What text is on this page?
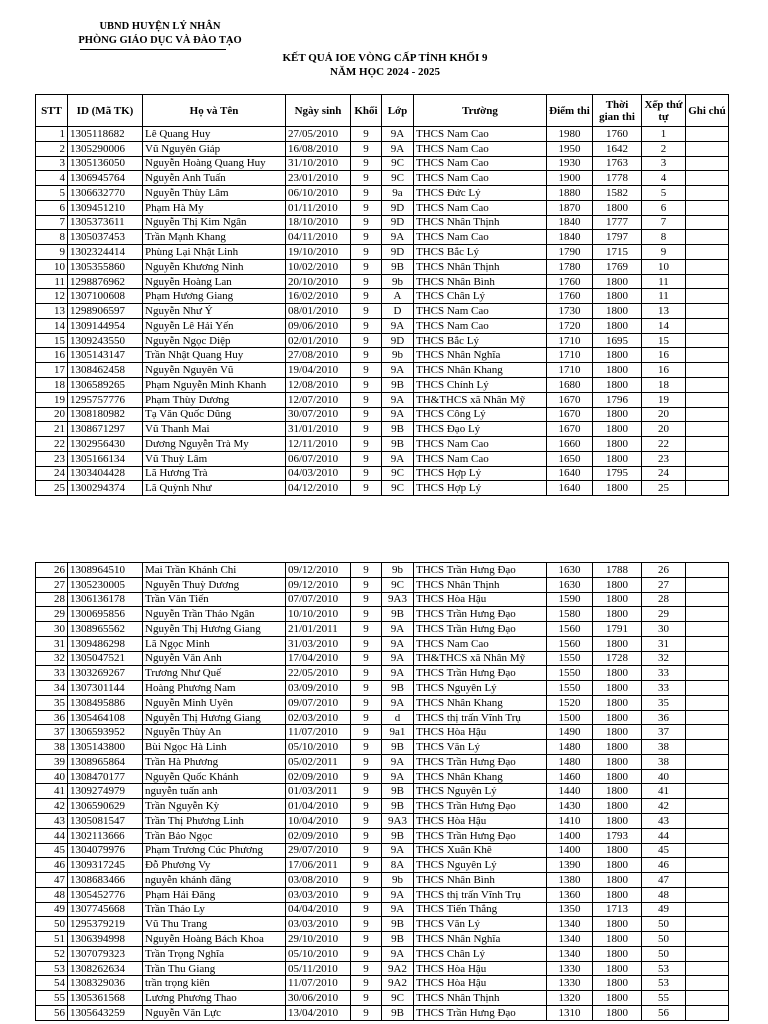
UBND HUYỆN LÝ NHÂN
PHÒNG GIÁO DỤC VÀ ĐÀO TẠO
KẾT QUẢ IOE VÒNG CẤP TỈNH KHỐI 9
NĂM HỌC 2024 - 2025
STT	ID (Mã TK)	Họ và Tên	Ngày sinh	Khối	Lớp	Trường	Điểm thi	Thời gian thi	Xếp thứ tự	Ghi chú
1	1305118682	Lê Quang Huy	27/05/2010	9	9A	THCS Nam Cao	1980	1760	1	
2	1305290006	Vũ Nguyên Giáp	16/08/2010	9	9A	THCS Nam Cao	1950	1642	2	
3	1305136050	Nguyễn Hoàng Quang Huy	31/10/2010	9	9C	THCS Nam Cao	1930	1763	3	
4	1306945764	Nguyễn Anh Tuấn	23/01/2010	9	9C	THCS Nam Cao	1900	1778	4	
5	1306632770	Nguyễn Thùy Lâm	06/10/2010	9	9a	THCS Đức Lý	1880	1582	5	
6	1309451210	Phạm Hà My	01/11/2010	9	9D	THCS Nam Cao	1870	1800	6	
7	1305373611	Nguyễn Thị Kim Ngân	18/10/2010	9	9D	THCS Nhân Thịnh	1840	1777	7	
8	1305037453	Trần Mạnh Khang	04/11/2010	9	9A	THCS Nam Cao	1840	1797	8	
9	1302324414	Phùng Lại Nhật Linh	19/10/2010	9	9D	THCS Bắc Lý	1790	1715	9	
10	1305355860	Nguyễn Khương Ninh	10/02/2010	9	9B	THCS Nhân Thịnh	1780	1769	10	
11	1298876962	Nguyễn Hoàng Lan	20/10/2010	9	9b	THCS Nhân Bình	1760	1800	11	
12	1307100608	Phạm Hương Giang	16/02/2010	9	A	THCS Chân Lý	1760	1800	11	
13	1298906597	Nguyễn Như Ý	08/01/2010	9	D	THCS Nam Cao	1730	1800	13	
14	1309144954	Nguyễn Lê Hải Yến	09/06/2010	9	9A	THCS Nam Cao	1720	1800	14	
15	1309243550	Nguyễn Ngọc Diệp	02/01/2010	9	9D	THCS Bắc Lý	1710	1695	15	
16	1305143147	Trần Nhật Quang Huy	27/08/2010	9	9b	THCS Nhân Nghĩa	1710	1800	16	
17	1308462458	Nguyễn Nguyên Vũ	19/04/2010	9	9A	THCS Nhân Khang	1710	1800	16	
18	1306589265	Phạm Nguyễn Minh Khanh	12/08/2010	9	9B	THCS Chính Lý	1680	1800	18	
19	1295757776	Phạm Thùy Dương	12/07/2010	9	9A	TH&THCS xã Nhân Mỹ	1670	1796	19	
20	1308180982	Tạ Văn Quốc Dũng	30/07/2010	9	9A	THCS Công Lý	1670	1800	20	
21	1308671297	Vũ Thanh Mai	31/01/2010	9	9B	THCS Đạo Lý	1670	1800	20	
22	1302956430	Dương Nguyễn Trà My	12/11/2010	9	9B	THCS Nam Cao	1660	1800	22	
23	1305166134	Vũ Thuỳ Lâm	06/07/2010	9	9A	THCS Nam Cao	1650	1800	23	
24	1303404428	Lã Hương Trà	04/03/2010	9	9C	THCS Hợp Lý	1640	1795	24	
25	1300294374	Lã Quỳnh Như	04/12/2010	9	9C	THCS Hợp Lý	1640	1800	25	
26	1308964510	Mai Trần Khánh Chi	09/12/2010	9	9b	THCS Trần Hưng Đạo	1630	1788	26	
27	1305230005	Nguyễn Thuỳ Dương	09/12/2010	9	9C	THCS Nhân Thịnh	1630	1800	27	
28	1306136178	Trần Văn Tiến	07/07/2010	9	9A3	THCS Hòa Hậu	1590	1800	28	
29	1300695856	Nguyễn Trần Thảo Ngân	10/10/2010	9	9B	THCS Trần Hưng Đạo	1580	1800	29	
30	1308965562	Nguyễn Thị Hương Giang	21/01/2011	9	9A	THCS Trần Hưng Đạo	1560	1791	30	
31	1309486298	Lã Ngọc Minh	31/03/2010	9	9A	THCS Nam Cao	1560	1800	31	
32	1305047521	Nguyễn Văn Anh	17/04/2010	9	9A	TH&THCS xã Nhân Mỹ	1550	1728	32	
33	1303269267	Trương Như Quế	22/05/2010	9	9A	THCS Trần Hưng Đạo	1550	1800	33	
34	1307301144	Hoàng Phương Nam	03/09/2010	9	9B	THCS Nguyên Lý	1550	1800	33	
35	1308495886	Nguyễn Minh Uyên	09/07/2010	9	9A	THCS Nhân Khang	1520	1800	35	
36	1305464108	Nguyễn Thị Hương Giang	02/03/2010	9	d	THCS thị trấn Vĩnh Trụ	1500	1800	36	
37	1306593952	Nguyễn Thùy An	11/07/2010	9	9a1	THCS Hòa Hậu	1490	1800	37	
38	1305143800	Bùi Ngọc Hà Linh	05/10/2010	9	9B	THCS Văn Lý	1480	1800	38	
39	1308965864	Trần Hà Phương	05/02/2011	9	9A	THCS Trần Hưng Đạo	1480	1800	38	
40	1308470177	Nguyễn Quốc Khánh	02/09/2010	9	9A	THCS Nhân Khang	1460	1800	40	
41	1309274979	nguyễn tuấn anh	01/03/2011	9	9B	THCS Nguyên Lý	1440	1800	41	
42	1306590629	Trần Nguyễn Kỳ	01/04/2010	9	9B	THCS Trần Hưng Đạo	1430	1800	42	
43	1305081547	Trần Thị Phương Linh	10/04/2010	9	9A3	THCS Hòa Hậu	1410	1800	43	
44	1302113666	Trần Bảo Ngọc	02/09/2010	9	9B	THCS Trần Hưng Đạo	1400	1793	44	
45	1304079976	Phạm Trương Cúc Phương	29/07/2010	9	9A	THCS Xuân Khê	1400	1800	45	
46	1309317245	Đỗ Phương Vy	17/06/2011	9	8A	THCS Nguyên Lý	1390	1800	46	
47	1308683466	nguyễn khánh đăng	03/08/2010	9	9b	THCS Nhân Bình	1380	1800	47	
48	1305452776	Phạm Hải Đăng	03/03/2010	9	9A	THCS thị trấn Vĩnh Trụ	1360	1800	48	
49	1307745668	Trần Thảo Ly	04/04/2010	9	9A	THCS Tiến Thắng	1350	1713	49	
50	1295379219	Vũ Thu Trang	03/03/2010	9	9B	THCS Văn Lý	1340	1800	50	
51	1306394998	Nguyễn Hoàng Bách Khoa	29/10/2010	9	9B	THCS Nhân Nghĩa	1340	1800	50	
52	1307079323	Trần Trọng Nghĩa	05/10/2010	9	9A	THCS Chân Lý	1340	1800	50	
53	1308262634	Trần Thu Giang	05/11/2010	9	9A2	THCS Hòa Hậu	1330	1800	53	
54	1308329036	trần trọng kiên	11/07/2010	9	9A2	THCS Hòa Hậu	1330	1800	53	
55	1305361568	Lương Phương Thao	30/06/2010	9	9C	THCS Nhân Thịnh	1320	1800	55	
56	1305643259	Nguyễn Văn Lực	13/04/2010	9	9B	THCS Trần Hưng Đạo	1310	1800	56	
